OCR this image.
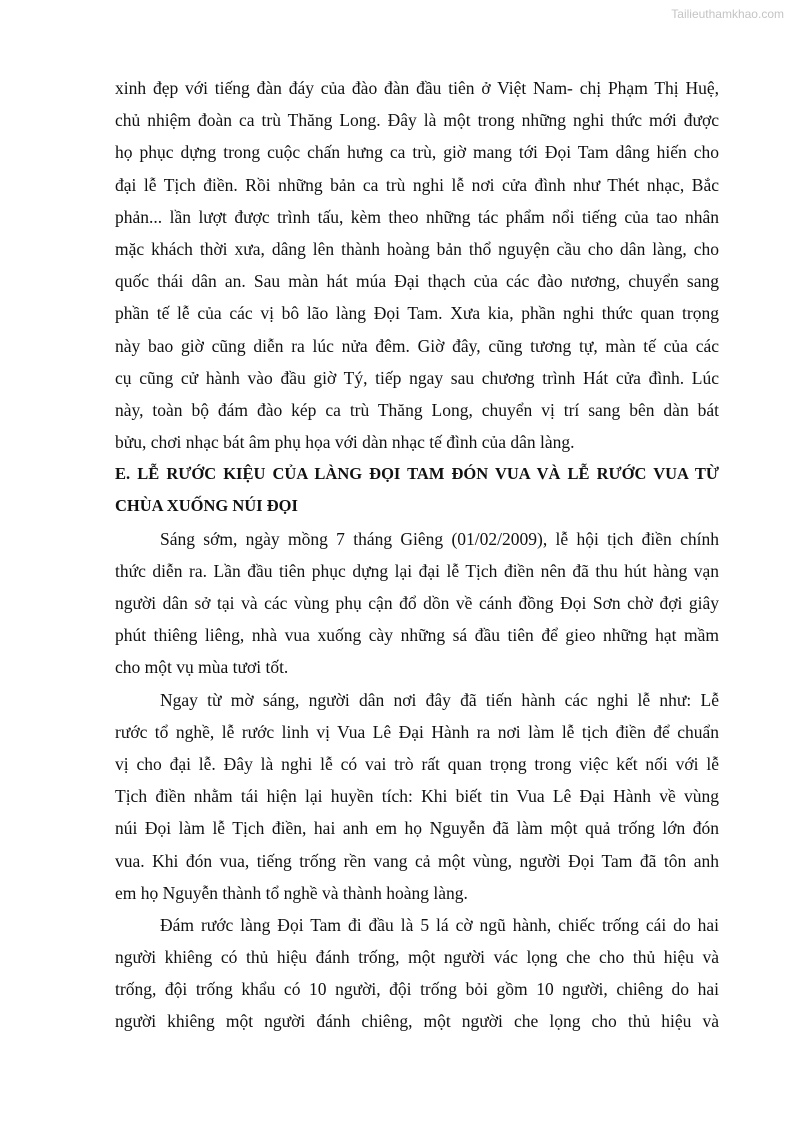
Tailieuthamkhao.com
xinh đẹp với tiếng đàn đáy của đào đàn đầu tiên ở Việt Nam- chị Phạm Thị Huệ,
chủ nhiệm đoàn ca trù Thăng Long. Đây là một trong những nghi thức mới được
họ phục dựng trong cuộc chấn hưng ca trù, giờ mang tới Đọi Tam dâng hiến cho
đại lễ Tịch điền. Rồi những bản ca trù nghi lễ nơi cửa đình như Thét nhạc, Bắc
phản... lần lượt được trình tấu, kèm theo những tác phẩm nổi tiếng của tao nhân
mặc khách thời xưa, dâng lên thành hoàng bản thổ nguyện cầu cho dân làng, cho
quốc thái dân an. Sau màn hát múa Đại thạch của các đào nương, chuyển sang
phần tế lễ của các vị bô lão làng Đọi Tam. Xưa kia, phần nghi thức quan trọng
này bao giờ cũng diễn ra lúc nửa đêm. Giờ đây, cũng tương tự, màn tế của các
cụ cũng cử hành vào đầu giờ Tý, tiếp ngay sau chương trình Hát cửa đình. Lúc
này, toàn bộ đám đào kép ca trù Thăng Long, chuyển vị trí sang bên dàn bát
bửu, chơi nhạc bát âm phụ họa với dàn nhạc tế đình của dân làng.
E. LỄ RƯỚC KIỆU CỦA LÀNG ĐỌI TAM ĐÓN VUA VÀ LỄ RƯỚC VUA TỪ
CHÙA XUỐNG NÚI ĐỌI
Sáng sớm, ngày mồng 7 tháng Giêng (01/02/2009), lễ hội tịch điền chính
thức diễn ra. Lần đầu tiên phục dựng lại đại lễ Tịch điền nên đã thu hút hàng vạn
người dân sở tại và các vùng phụ cận đổ dồn về cánh đồng Đọi Sơn chờ đợi giây
phút thiêng liêng, nhà vua xuống cày những sá đầu tiên để gieo những hạt mầm
cho một vụ mùa tươi tốt.
Ngay từ mờ sáng, người dân nơi đây đã tiến hành các nghi lễ như: Lễ
rước tổ nghề, lễ rước linh vị Vua Lê Đại Hành ra nơi làm lễ tịch điền để chuẩn
vị cho đại lễ. Đây là nghi lễ có vai trò rất quan trọng trong việc kết nối với lễ
Tịch điền nhằm tái hiện lại huyền tích: Khi biết tin Vua Lê Đại Hành về vùng
núi Đọi làm lễ Tịch điền, hai anh em họ Nguyễn đã làm một quả trống lớn đón
vua. Khi đón vua, tiếng trống rền vang cả một vùng, người Đọi Tam đã tôn anh
em họ Nguyễn thành tổ nghề và thành hoàng làng.
Đám rước làng Đọi Tam đi đầu là 5 lá cờ ngũ hành, chiếc trống cái do hai
người khiêng có thủ hiệu đánh trống, một người vác lọng che cho thủ hiệu và
trống, đội trống khẩu có 10 người, đội trống bỏi gồm 10 người, chiêng do hai
người khiêng một người đánh chiêng, một người che lọng cho thủ hiệu và
